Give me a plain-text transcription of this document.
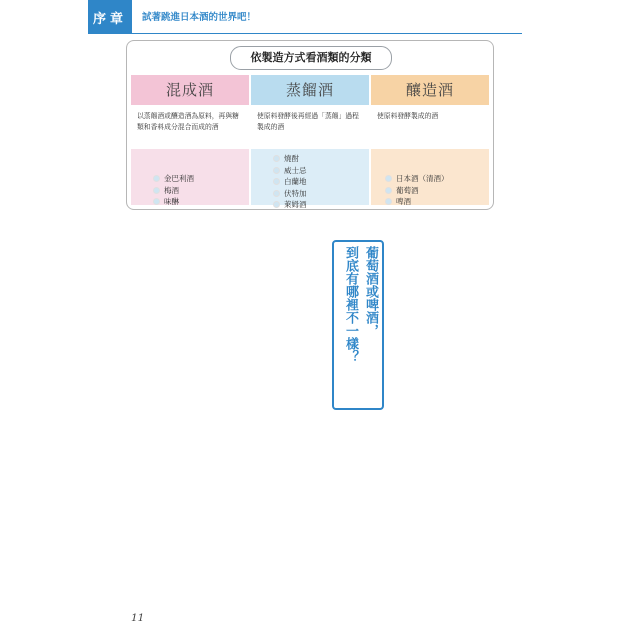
序章 試著跳進日本酒的世界吧！
依製造方式看酒類的分類
混成酒
以蒸餾酒或釀造酒為原料，再與糖類和香料成分混合而成的酒
金巴利酒
梅酒
味醂
蒸餾酒
使原料發酵後再經過「蒸餾」過程製成的酒
燒酎
威士忌
白蘭地
伏特加
萊姆酒
釀造酒
使原料發酵製成的酒
日本酒（清酒）
葡萄酒
啤酒
葡萄酒或啤酒，
到底有哪裡不一樣？
11
